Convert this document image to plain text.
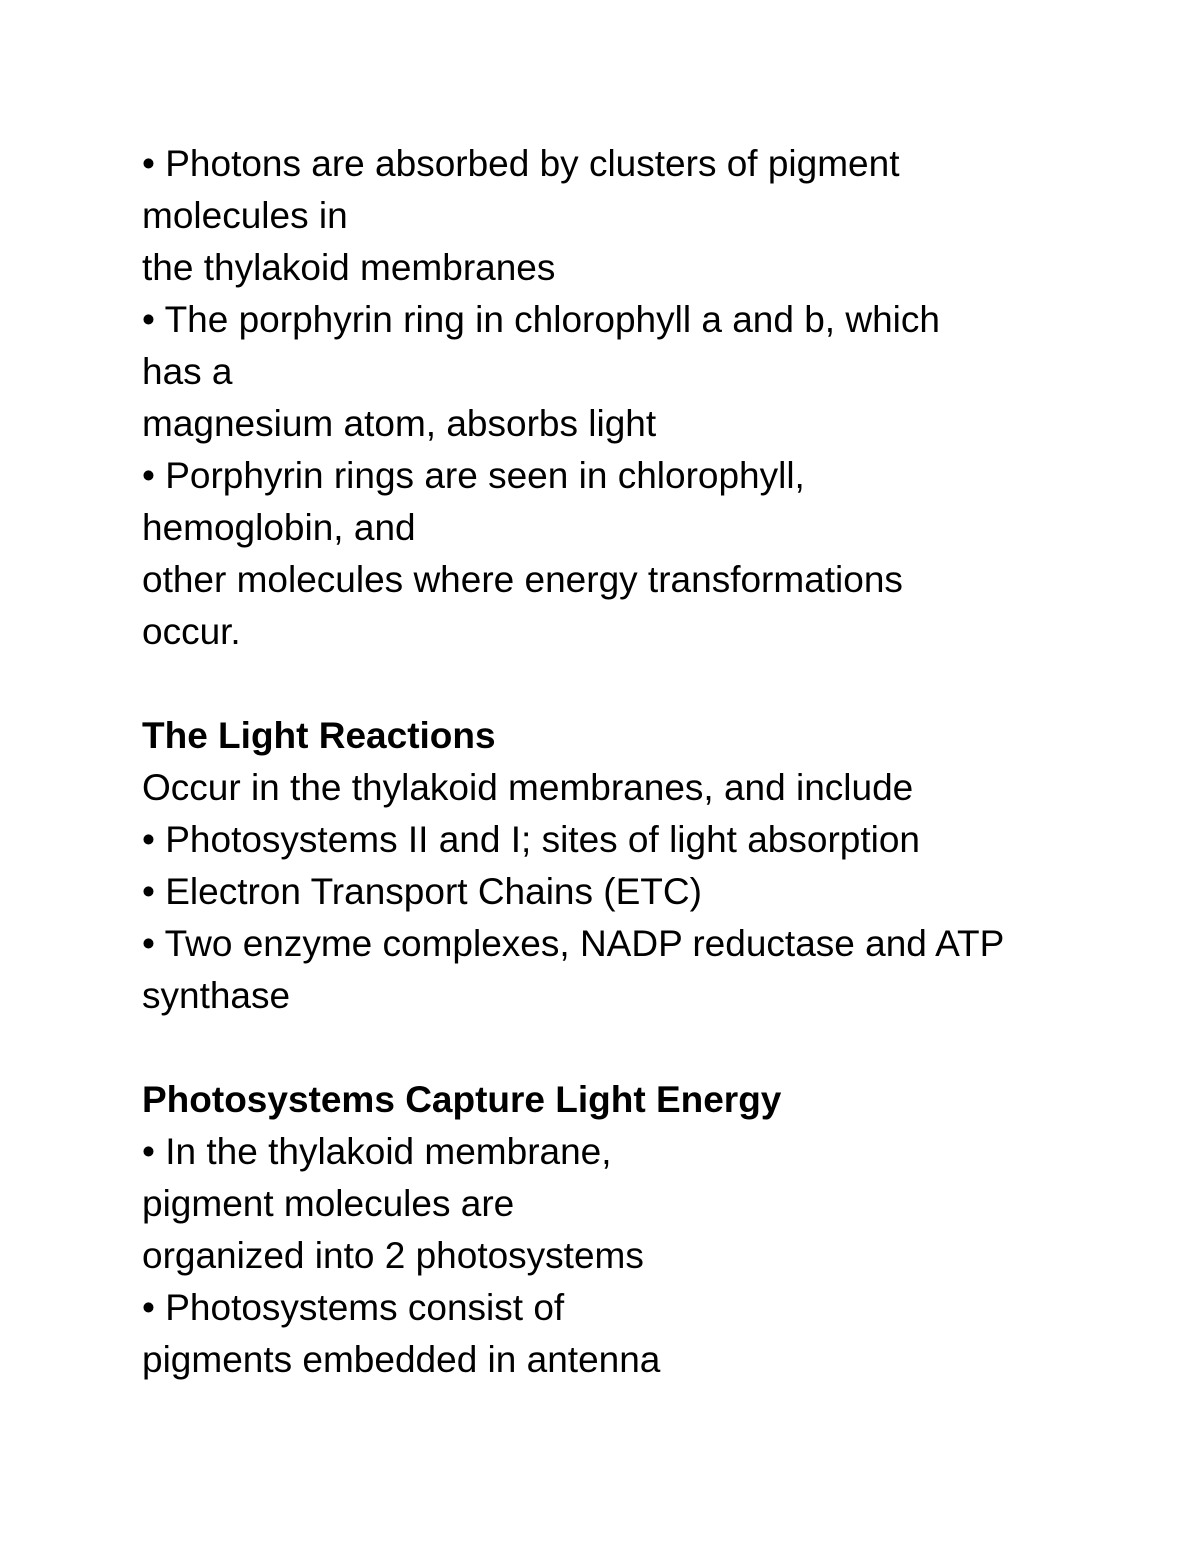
• Photons are absorbed by clusters of pigment
molecules in
the thylakoid membranes
• The porphyrin ring in chlorophyll a and b, which
has a
magnesium atom, absorbs light
• Porphyrin rings are seen in chlorophyll,
hemoglobin, and
other molecules where energy transformations
occur.
The Light Reactions
Occur in the thylakoid membranes, and include
• Photosystems II and I; sites of light absorption
• Electron Transport Chains (ETC)
• Two enzyme complexes, NADP reductase and ATP
synthase
Photosystems Capture Light Energy
• In the thylakoid membrane,
pigment molecules are
organized into 2 photosystems
• Photosystems consist of
pigments embedded in antenna
